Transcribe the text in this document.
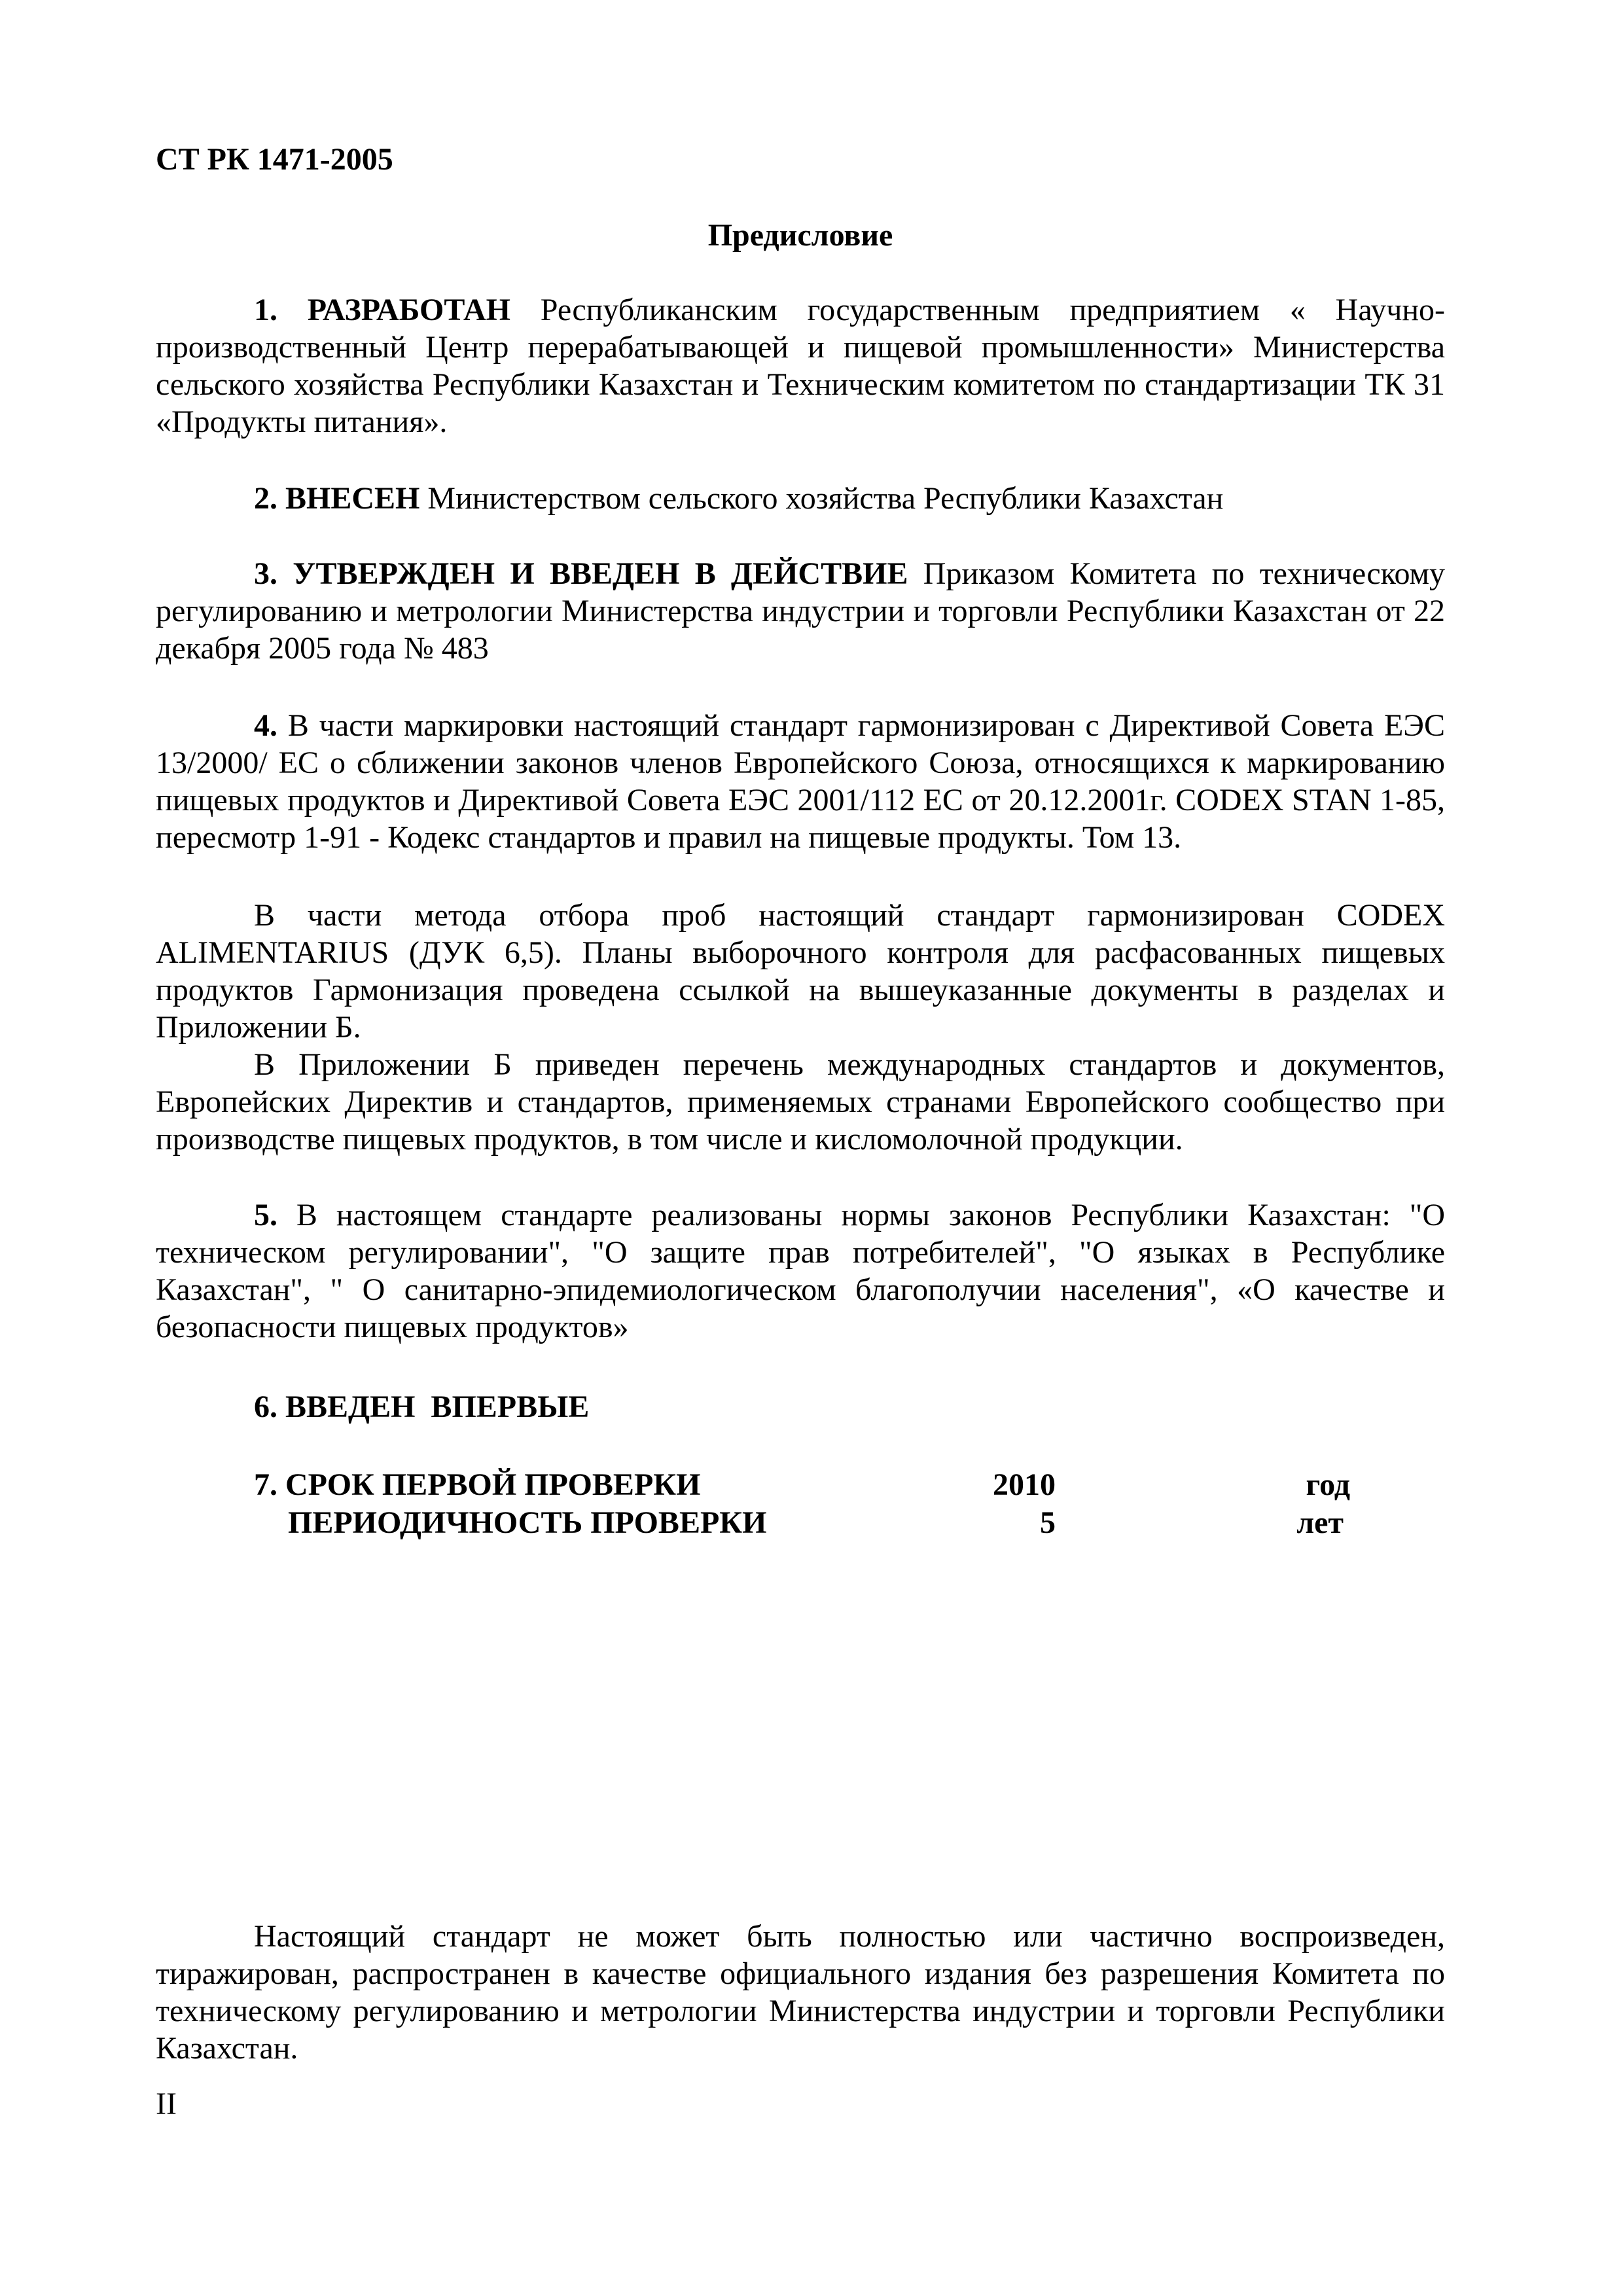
СТ РК 1471-2005

Предисловие

1. РАЗРАБОТАН Республиканским государственным предприятием « Научно-производственный Центр перерабатывающей и пищевой промышленности» Министерства сельского хозяйства Республики Казахстан и Техническим комитетом по стандартизации ТК 31 «Продукты питания».

2. ВНЕСЕН Министерством сельского хозяйства Республики Казахстан

3. УТВЕРЖДЕН И ВВЕДЕН В ДЕЙСТВИЕ Приказом Комитета по техническому регулированию и метрологии Министерства индустрии и торговли Республики Казахстан от 22 декабря 2005 года № 483

4. В части маркировки настоящий стандарт гармонизирован с Директивой Совета ЕЭС 13/2000/ ЕС о сближении законов членов Европейского Союза, относящихся к маркированию пищевых продуктов и Директивой Совета ЕЭС 2001/112 ЕС от 20.12.2001г. CODEX STAN 1-85, пересмотр 1-91 - Кодекс стандартов и правил на пищевые продукты. Том 13.

В части метода отбора проб настоящий стандарт гармонизирован CODEX ALIMENTARIUS (ДУК 6,5). Планы выборочного контроля для расфасованных пищевых продуктов Гармонизация проведена ссылкой на вышеуказанные документы в разделах и Приложении Б.

В Приложении Б приведен перечень международных стандартов и документов, Европейских Директив и стандартов, применяемых странами Европейского сообщество при производстве пищевых продуктов, в том числе и кисломолочной продукции.

5. В настоящем стандарте реализованы нормы законов Республики Казахстан: "О техническом регулировании", "О защите прав потребителей", "О языках в Республике Казахстан", " О санитарно-эпидемиологическом благополучии населения", «О качестве и безопасности пищевых продуктов»

6. ВВЕДЕН  ВПЕРВЫЕ

7. СРОК ПЕРВОЙ ПРОВЕРКИ	2010	год
ПЕРИОДИЧНОСТЬ ПРОВЕРКИ	5	лет

Настоящий стандарт не может быть полностью или частично воспроизведен, тиражирован, распространен в качестве официального издания без разрешения Комитета по техническому регулированию и метрологии Министерства индустрии и торговли Республики Казахстан.

II
